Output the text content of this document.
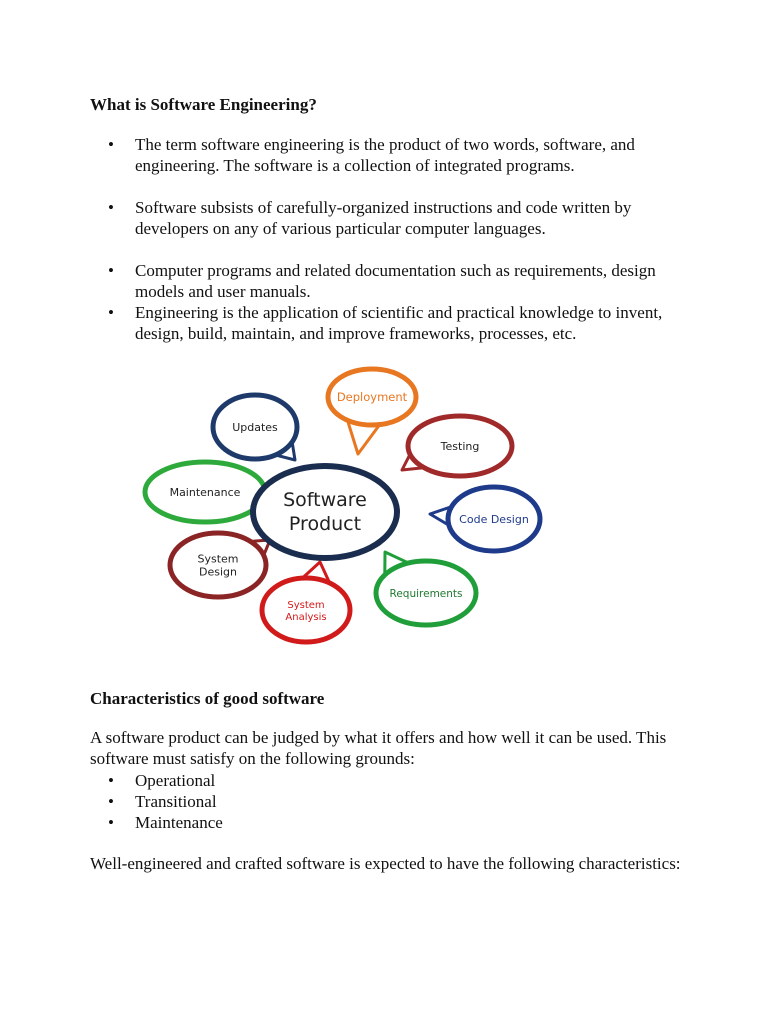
What is Software Engineering?
• The term software engineering is the product of two words, software, and engineering. The software is a collection of integrated programs.
• Software subsists of carefully-organized instructions and code written by developers on any of various particular computer languages.
• Computer programs and related documentation such as requirements, design models and user manuals.
• Engineering is the application of scientific and practical knowledge to invent, design, build, maintain, and improve frameworks, processes, etc.
Updates
Deployment
Testing
Code Design
Requirements
System
Analysis
System
Design
Maintenance Software
Product
Characteristics of good software

A software product can be judged by what it offers and how well it can be used. This software must satisfy on the following grounds:

• Operational
• Transitional
• Maintenance

Well-engineered and crafted software is expected to have the following characteristics:
